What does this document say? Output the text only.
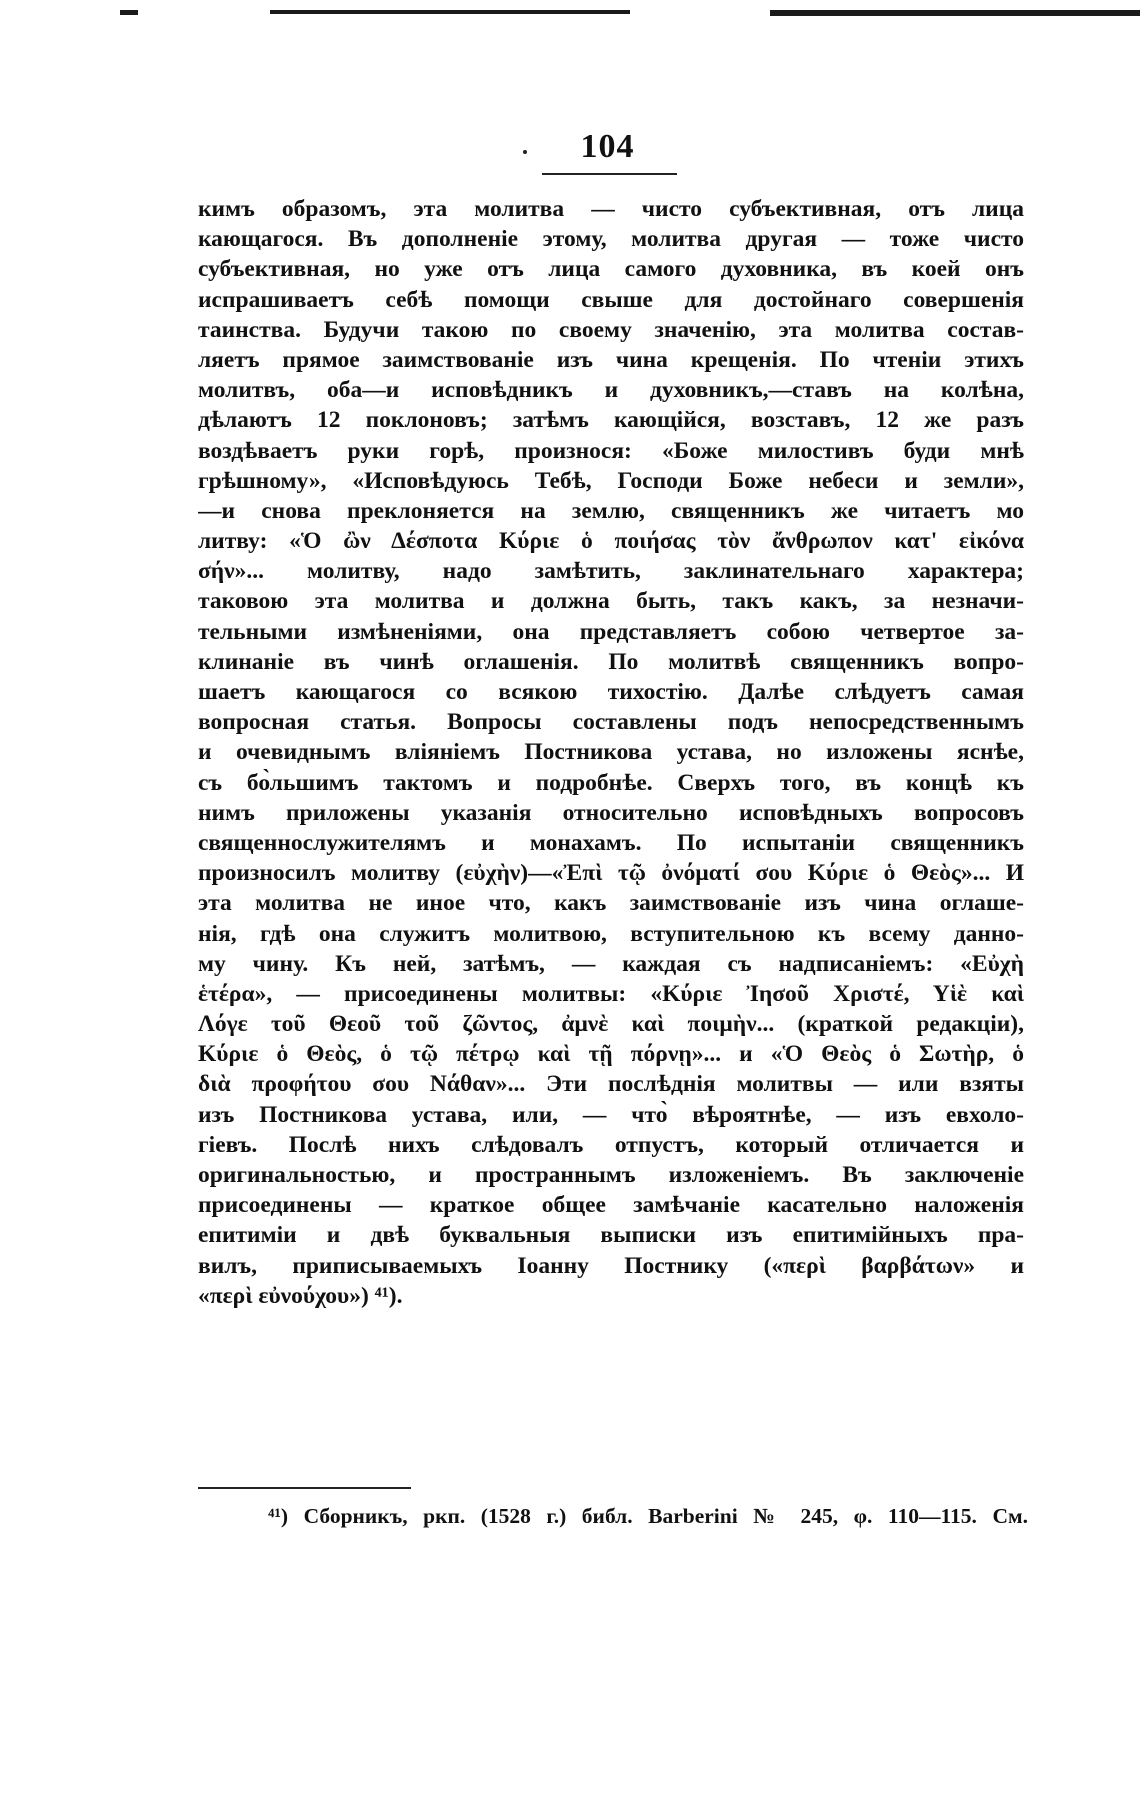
104
кимъ образомъ, эта молитва — чисто субъективная, отъ лица
кающагося. Въ дополненіе этому, молитва другая — тоже чисто
субъективная, но уже отъ лица самого духовника, въ коей онъ
испрашиваетъ себѣ помощи свыше для достойнаго совершенія
таинства. Будучи такою по своему значенію, эта молитва состав-
ляетъ прямое заимствованіе изъ чина крещенія. По чтеніи этихъ
молитвъ, оба—и исповѣдникъ и духовникъ,—ставъ на колѣна,
дѣлаютъ 12 поклоновъ; затѣмъ кающійся, возставъ, 12 же разъ
воздѣваетъ руки горѣ, произнося: «Боже милостивъ буди мнѣ
грѣшному», «Исповѣдуюсь Тебѣ, Господи Боже небеси и земли»,
—и снова преклоняется на землю, священникъ же читаетъ мо
литву: «Ὁ ὢν Δέσποτα Κύριε ὁ ποιήσας τὸν ἄνθρωπον κατ' εἰκόνα
σήν»... молитву, надо замѣтить, заклинательнаго характера;
таковою эта молитва и должна быть, такъ какъ, за незначи-
тельными измѣненіями, она представляетъ собою четвертое за-
клинаніе въ чинѣ оглашенія. По молитвѣ священникъ вопро-
шаетъ кающагося со всякою тихостію. Далѣе слѣдуетъ самая
вопросная статья. Вопросы составлены подъ непосредственнымъ
и очевиднымъ вліяніемъ Постникова устава, но изложены яснѣе,
съ бо̀льшимъ тактомъ и подробнѣе. Сверхъ того, въ концѣ къ
нимъ приложены указанія относительно исповѣдныхъ вопросовъ
священнослужителямъ и монахамъ. По испытаніи священникъ
произносилъ молитву (εὐχὴν)—«Ἐπὶ τῷ ὀνόματί σου Κύριε ὁ Θεὸς»... И
эта молитва не иное что, какъ заимствованіе изъ чина оглаше-
нія, гдѣ она служитъ молитвою, вступительною къ всему данно-
му чину. Къ ней, затѣмъ, — каждая съ надписаніемъ: «Εὐχὴ
ἑτέρα», — присоединены молитвы: «Κύριε Ἰησοῦ Χριστέ, Υἱὲ καὶ
Λόγε τοῦ Θεοῦ τοῦ ζῶντος, ἀμνὲ καὶ ποιμὴν... (краткой редакціи),
Κύριε ὁ Θεὸς, ὁ τῷ πέτρῳ καὶ τῇ πόρνῃ»... и «Ὁ Θεὸς ὁ Σωτὴρ, ὁ
διὰ προφήτου σου Νάθαν»... Эти послѣднія молитвы — или взяты
изъ Постникова устава, или, — что̀ вѣроятнѣе, — изъ евхоло-
гіевъ. Послѣ нихъ слѣдовалъ отпустъ, который отличается и
оригинальностью, и пространнымъ изложеніемъ. Въ заключеніе
присоединены — краткое общее замѣчаніе касательно наложенія
епитиміи и двѣ буквальныя выписки изъ епитимійныхъ пра-
вилъ, приписываемыхъ Іоанну Постнику («περὶ βαρβάτων» и
«περὶ εὐνούχου») ⁴¹).
⁴¹) Сборникъ, ркп. (1528 г.) библ. Barberini № 245, φ. 110—115. См.
